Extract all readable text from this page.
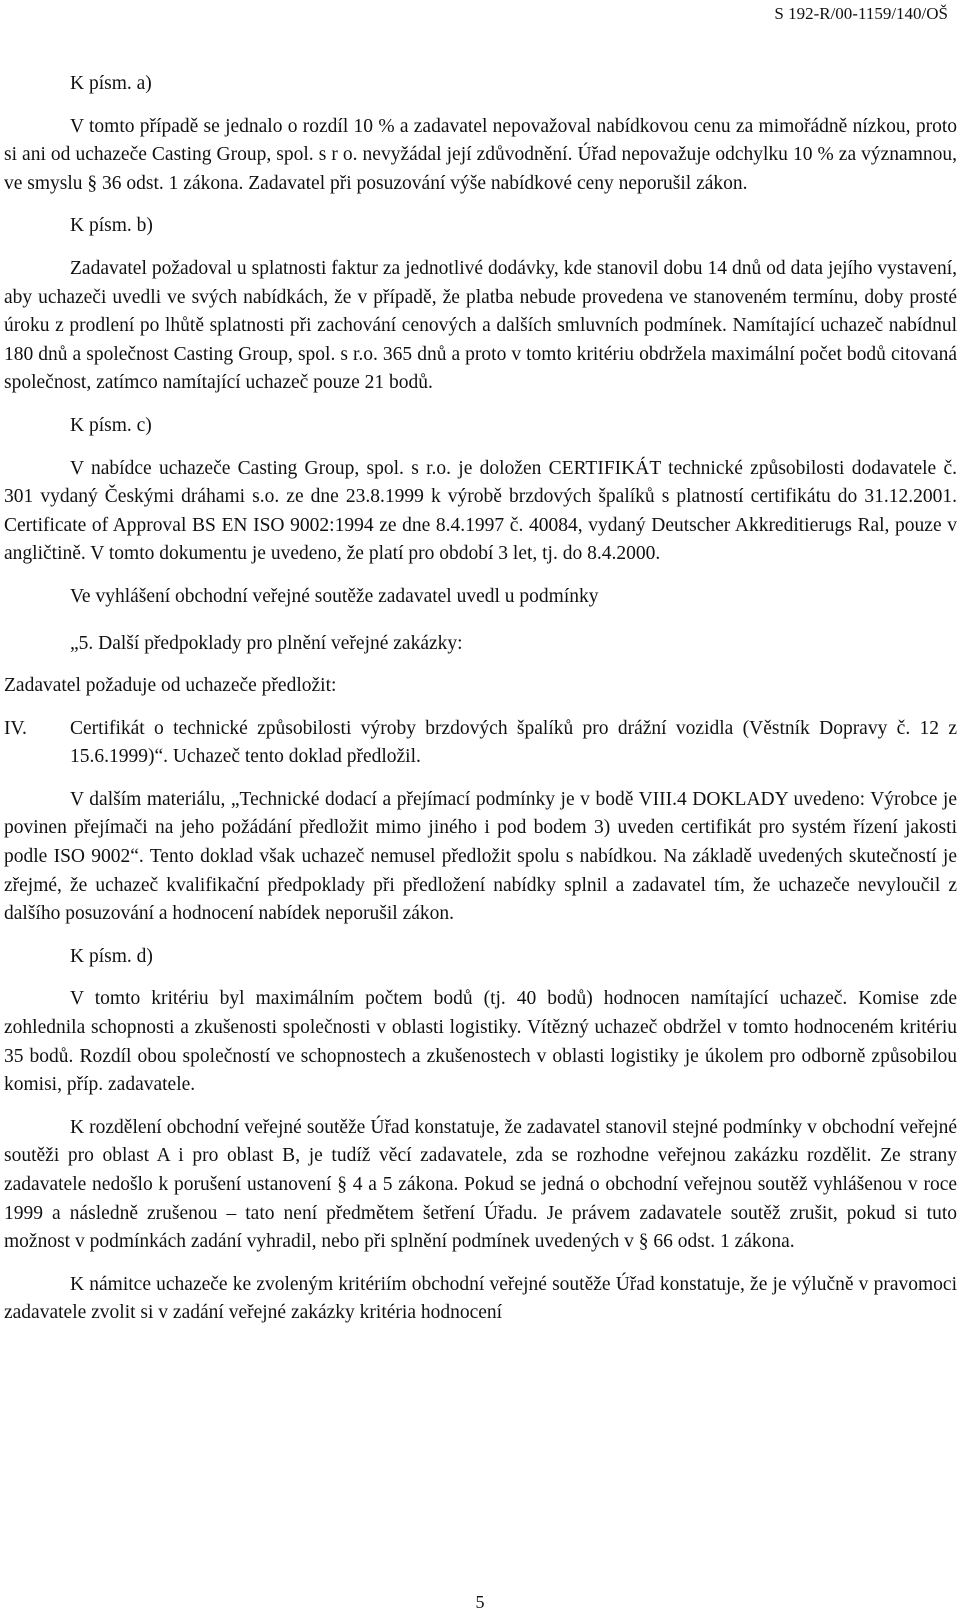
S 192-R/00-1159/140/OŠ

K písm. a)

V tomto případě se jednalo o rozdíl 10 % a zadavatel nepovažoval nabídkovou cenu za mimořádně nízkou, proto si ani od uchazeče Casting Group, spol. s r o. nevyžádal její zdůvodnění. Úřad nepovažuje odchylku 10 % za významnou, ve smyslu § 36 odst. 1 zákona. Zadavatel při posuzování výše nabídkové ceny neporušil zákon.

K písm. b)

Zadavatel požadoval u splatnosti faktur za jednotlivé dodávky, kde stanovil dobu 14 dnů od data jejího vystavení, aby uchazeči uvedli ve svých nabídkách, že v případě, že platba nebude provedena ve stanoveném termínu, doby prosté úroku z prodlení po lhůtě splatnosti při zachování cenových a dalších smluvních podmínek. Namítající uchazeč nabídnul 180 dnů a společnost Casting Group, spol. s r.o. 365 dnů a proto v tomto kritériu obdržela maximální počet bodů citovaná společnost, zatímco namítající uchazeč pouze 21 bodů.

K písm. c)

V nabídce uchazeče Casting Group, spol. s r.o. je doložen CERTIFIKÁT technické způsobilosti dodavatele č. 301 vydaný Českými dráhami s.o. ze dne 23.8.1999 k výrobě brzdových špalíků s platností certifikátu do 31.12.2001. Certificate of Approval BS EN ISO 9002:1994 ze dne 8.4.1997 č. 40084, vydaný Deutscher Akkreditierugs Ral, pouze v angličtině. V tomto dokumentu je uvedeno, že platí pro období 3 let, tj. do 8.4.2000.

Ve vyhlášení obchodní veřejné soutěže zadavatel uvedl u podmínky

„5. Další předpoklady pro plnění veřejné zakázky:

Zadavatel požaduje od uchazeče předložit:

IV.	Certifikát o technické způsobilosti výroby brzdových špalíků pro drážní vozidla (Věstník Dopravy č. 12 z 15.6.1999)“. Uchazeč tento doklad předložil.

V dalším materiálu, „Technické dodací a přejímací podmínky je v bodě VIII.4 DOKLADY uvedeno: Výrobce je povinen přejímači na jeho požádání předložit mimo jiného i pod bodem 3) uveden certifikát pro systém řízení jakosti podle ISO 9002“. Tento doklad však uchazeč nemusel předložit spolu s nabídkou. Na základě uvedených skutečností je zřejmé, že uchazeč kvalifikační předpoklady při předložení nabídky splnil a zadavatel tím, že uchazeče nevyloučil z dalšího posuzování a hodnocení nabídek neporušil zákon.

K písm. d)

V tomto kritériu byl maximálním počtem bodů (tj. 40 bodů) hodnocen namítající uchazeč. Komise zde zohlednila schopnosti a zkušenosti společnosti v oblasti logistiky. Vítězný uchazeč obdržel v tomto hodnoceném kritériu 35 bodů. Rozdíl obou společností ve schopnostech a zkušenostech v oblasti logistiky je úkolem pro odborně způsobilou komisi, příp. zadavatele.

K rozdělení obchodní veřejné soutěže Úřad konstatuje, že zadavatel stanovil stejné podmínky v obchodní veřejné soutěži pro oblast A i pro oblast B, je tudíž věcí zadavatele, zda se rozhodne veřejnou zakázku rozdělit. Ze strany zadavatele nedošlo k porušení ustanovení § 4 a 5 zákona. Pokud se jedná o obchodní veřejnou soutěž vyhlášenou v roce 1999 a následně zrušenou – tato není předmětem šetření Úřadu. Je právem zadavatele soutěž zrušit, pokud si tuto možnost v podmínkách zadání vyhradil, nebo při splnění podmínek uvedených v § 66 odst. 1 zákona.

K námitce uchazeče ke zvoleným kritériím obchodní veřejné soutěže Úřad konstatuje, že je výlučně v pravomoci zadavatele zvolit si v zadání veřejné zakázky kritéria hodnocení

5
